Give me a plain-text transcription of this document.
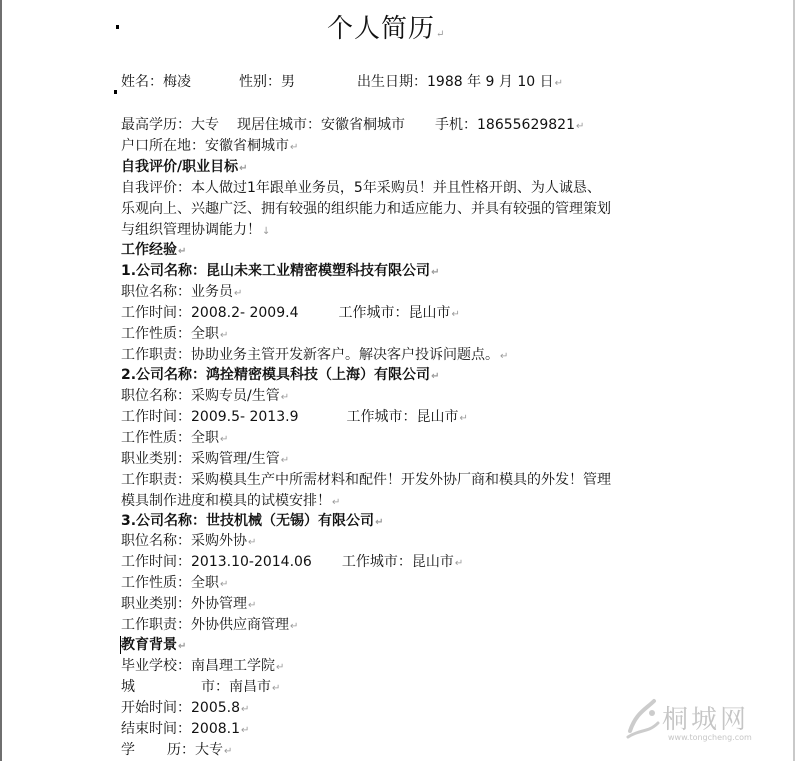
个人简历↵
姓名：梅凌	性别：男	出生日期：1988 年 9 月 10 日↵
最高学历：大专 现居住城市：安徽省桐城市 手机：18655629821↵
户口所在地：安徽省桐城市↵
自我评价/职业目标↵
自我评价：本人做过1年跟单业务员，5年采购员！并且性格开朗、为人诚恳、
乐观向上、兴趣广泛、拥有较强的组织能力和适应能力、并具有较强的管理策划
与组织管理协调能力！↓
工作经验↵
1.公司名称：昆山未来工业精密模塑科技有限公司↵
职位名称：业务员↵
工作时间：2008.2- 2009.4	工作城市：昆山市↵
工作性质：全职↵
工作职责：协助业务主管开发新客户。解决客户投诉问题点。↵
2.公司名称：鸿拴精密模具科技（上海）有限公司↵
职位名称：采购专员/生管↵
工作时间：2009.5- 2013.9	工作城市：昆山市↵
工作性质：全职↵
职业类别：采购管理/生管↵
工作职责：采购模具生产中所需材料和配件！开发外协厂商和模具的外发！管理
模具制作进度和模具的试模安排！↵
3.公司名称：世技机械（无锡）有限公司↵
职位名称：采购外协↵
工作时间：2013.10-2014.06 工作城市：昆山市↵
工作性质：全职↵
职业类别：外协管理↵
工作职责：外协供应商管理↵
教育背景↵
毕业学校：南昌理工学院↵
城	市：南昌市↵
开始时间：2005.8↵
结束时间：2008.1↵
学 历：大专↵
桐城网
www.tongcheng.com
